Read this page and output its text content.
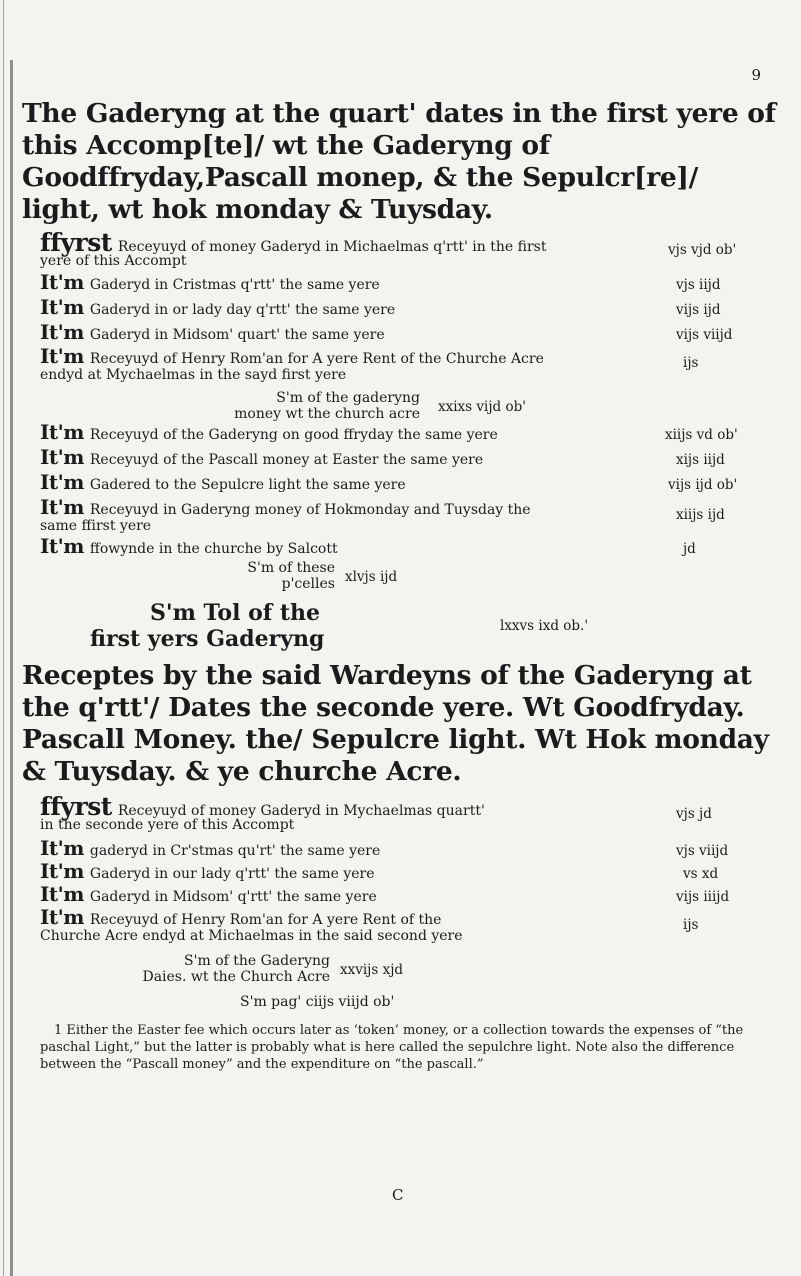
9
The Gaderyng at the quart' dates in the first yere of this Accomp[te]/ wt the Gaderyng of Goodffryday,Pascall monep, & the Sepulcr[re]/ light, wt hok monday & Tuysday.
ffyrst Receyuyd of money Gaderyd in Michaelmas q'rtt' in the first
yere of this Accompt
vjs vjd ob'
It'm Gaderyd in Cristmas q'rtt' the same yere	vjs iijd
It'm Gaderyd in or lady day q'rtt' the same yere	vijs ijd
It'm Gaderyd in Midsom' quart' the same yere	vijs viijd
It'm Receyuyd of Henry Rom'an for A yere Rent of the Churche Acre
endyd at Mychaelmas in the sayd first yere
ijs
S'm of the gaderyng
money wt the church acre xxixs vijd ob'
It'm Receyuyd of the Gaderyng on good ffryday the same yere	xiijs vd ob'
It'm Receyuyd of the Pascall money at Easter the same yere	xijs iijd
It'm Gadered to the Sepulcre light the same yere	vijs ijd ob'
It'm Receyuyd in Gaderyng money of Hokmonday and Tuysday the
same ffirst yere
xiijs ijd
It'm ffowynde in the churche by Salcott	jd
S'm of these
p'celles xlvjs ijd
S'm Tol of the
first yers Gaderyng	lxxvs ixd ob.'
Receptes by the said Wardeyns of the Gaderyng at the q'rtt'/ Dates the seconde yere. Wt Goodfryday. Pascall Money. the/ Sepulcre light. Wt Hok monday & Tuysday. & ye churche Acre.
ffyrst Receyuyd of money Gaderyd in Mychaelmas quartt'
in the seconde yere of this Accompt
vjs jd
It'm gaderyd in Cr'stmas qu'rt' the same yere	vjs viijd
It'm Gaderyd in our lady q'rtt' the same yere	vs xd
It'm Gaderyd in Midsom' q'rtt' the same yere	vijs iiijd
It'm Receyuyd of Henry Rom'an for A yere Rent of the
Churche Acre endyd at Michaelmas in the said second yere
ijs
S'm of the Gaderyng
Daies. wt the Church Acre xxvijs xjd
S'm pag' ciijs viijd ob'
1 Either the Easter fee which occurs later as ‘token’ money, or a collection towards the expenses of “the paschal Light,” but the latter is probably what is here called the sepulchre light. Note also the difference between the “Pascall money” and the expenditure on “the pascall.”
C
